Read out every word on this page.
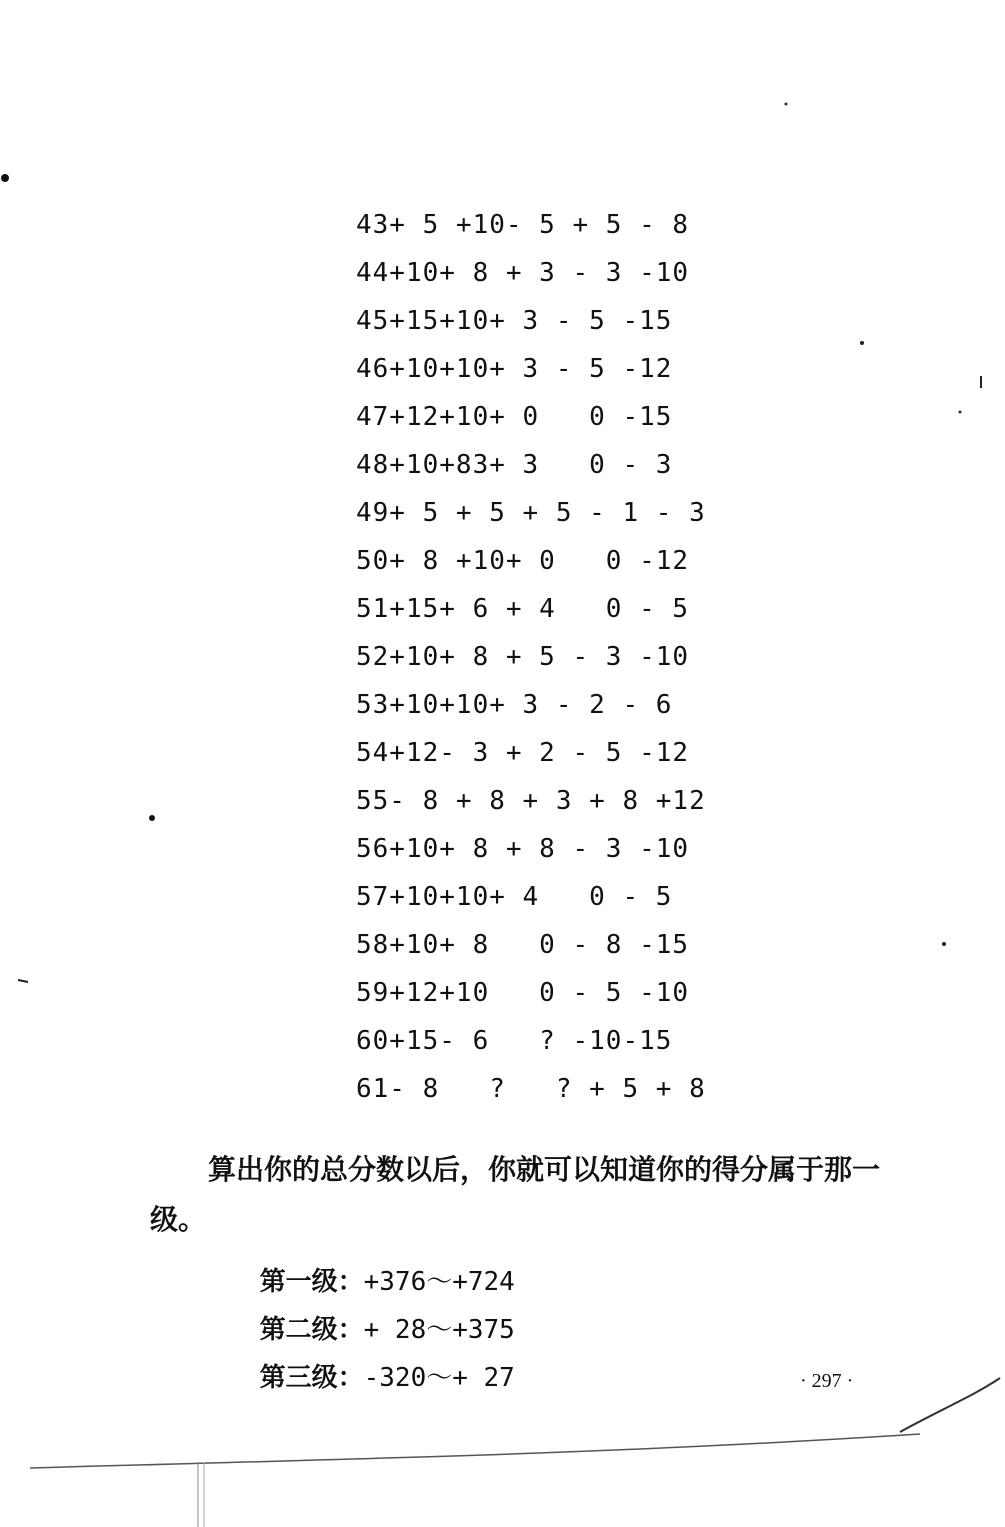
43+ 5 +10- 5 + 5 - 8
44+10+ 8 + 3 - 3 -10
45+15+10+ 3 - 5 -15
46+10+10+ 3 - 5 -12
47+12+10+ 0   0 -15
48+10+83+ 3   0 - 3
49+ 5 + 5 + 5 - 1 - 3
50+ 8 +10+ 0   0 -12
51+15+ 6 + 4   0 - 5
52+10+ 8 + 5 - 3 -10
53+10+10+ 3 - 2 - 6
54+12- 3 + 2 - 5 -12
55- 8 + 8 + 3 + 8 +12
56+10+ 8 + 8 - 3 -10
57+10+10+ 4   0 - 5
58+10+ 8   0 - 8 -15
59+12+10   0 - 5 -10
60+15- 6   ? -10-15
61- 8   ?   ? + 5 + 8

算出你的总分数以后，你就可以知道你的得分属于那一级。

第一级：+376～+724

第二级：+ 28～+375

第三级：-320～+ 27
	· 297 ·
